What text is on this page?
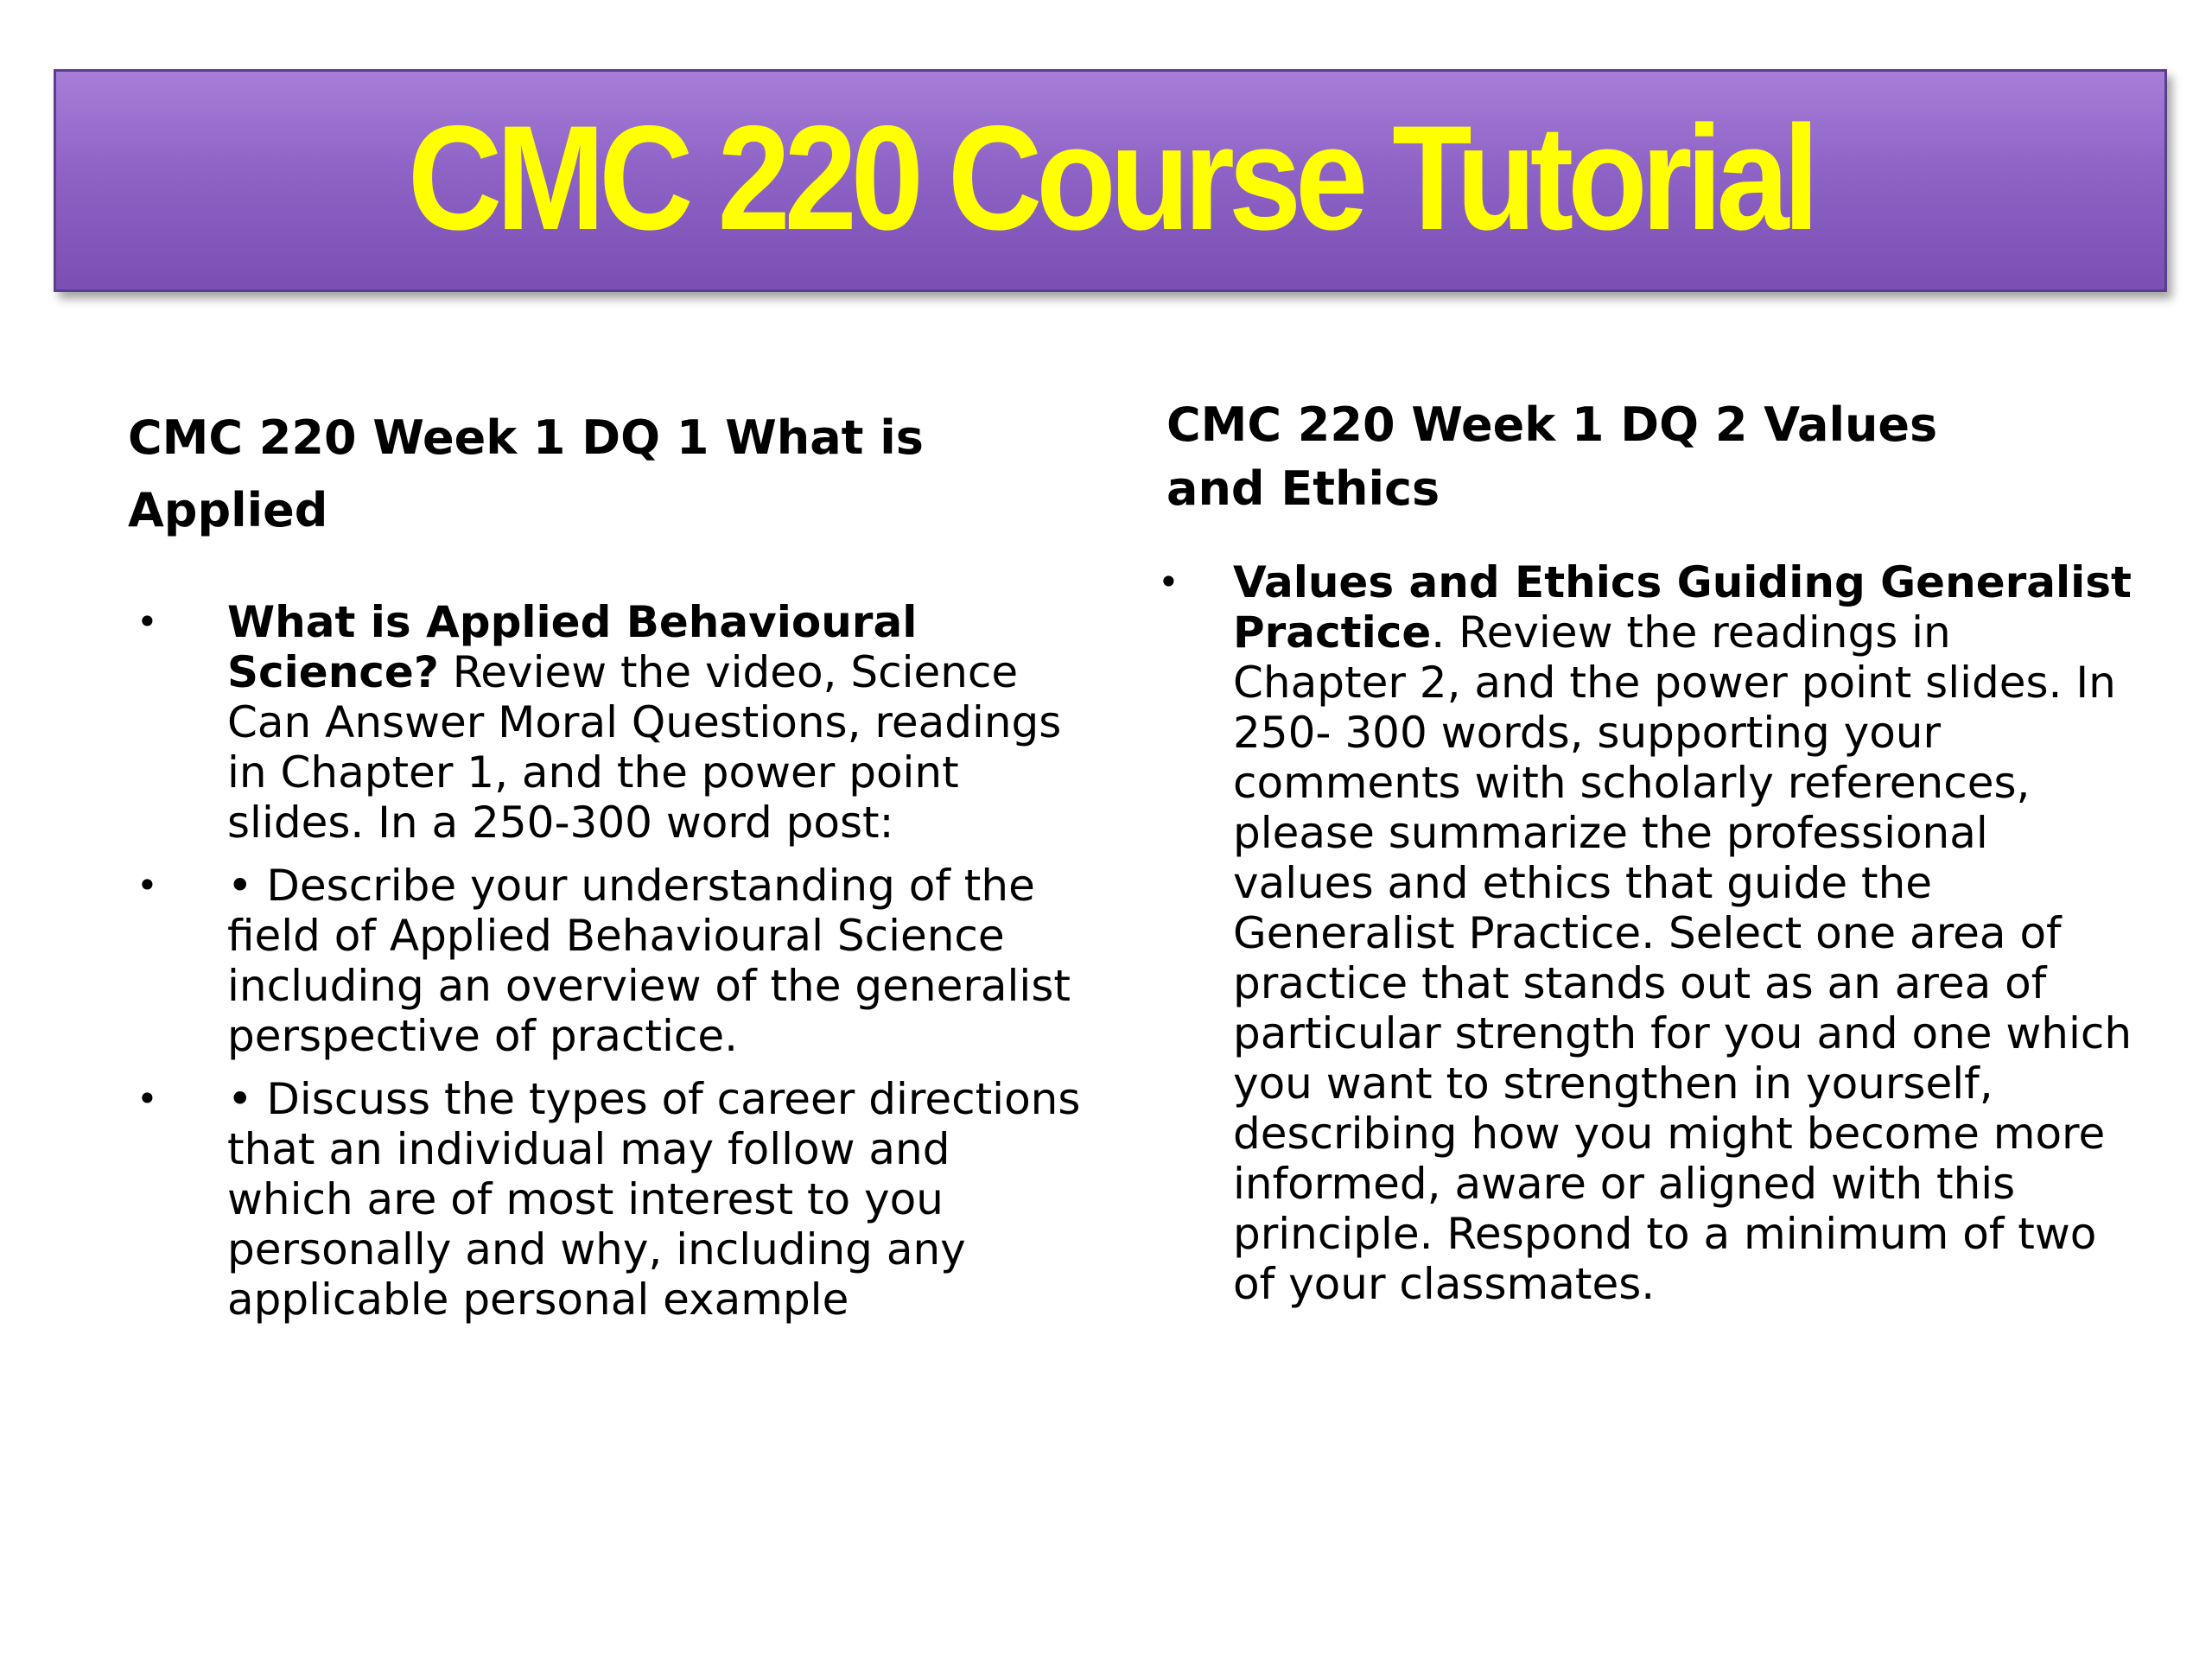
CMC 220 Course Tutorial
CMC 220 Week 1 DQ 1 What is Applied
• What is Applied Behavioural Science? Review the video, Science Can Answer Moral Questions, readings in Chapter 1, and the power point slides. In a 250-300 word post:
• • Describe your understanding of the field of Applied Behavioural Science including an overview of the generalist perspective of practice.
• • Discuss the types of career directions that an individual may follow and which are of most interest to you personally and why, including any applicable personal example
CMC 220 Week 1 DQ 2 Values and Ethics
• Values and Ethics Guiding Generalist Practice. Review the readings in Chapter 2, and the power point slides. In 250- 300 words, supporting your comments with scholarly references, please summarize the professional values and ethics that guide the Generalist Practice. Select one area of practice that stands out as an area of particular strength for you and one which you want to strengthen in yourself, describing how you might become more informed, aware or aligned with this principle. Respond to a minimum of two of your classmates.
